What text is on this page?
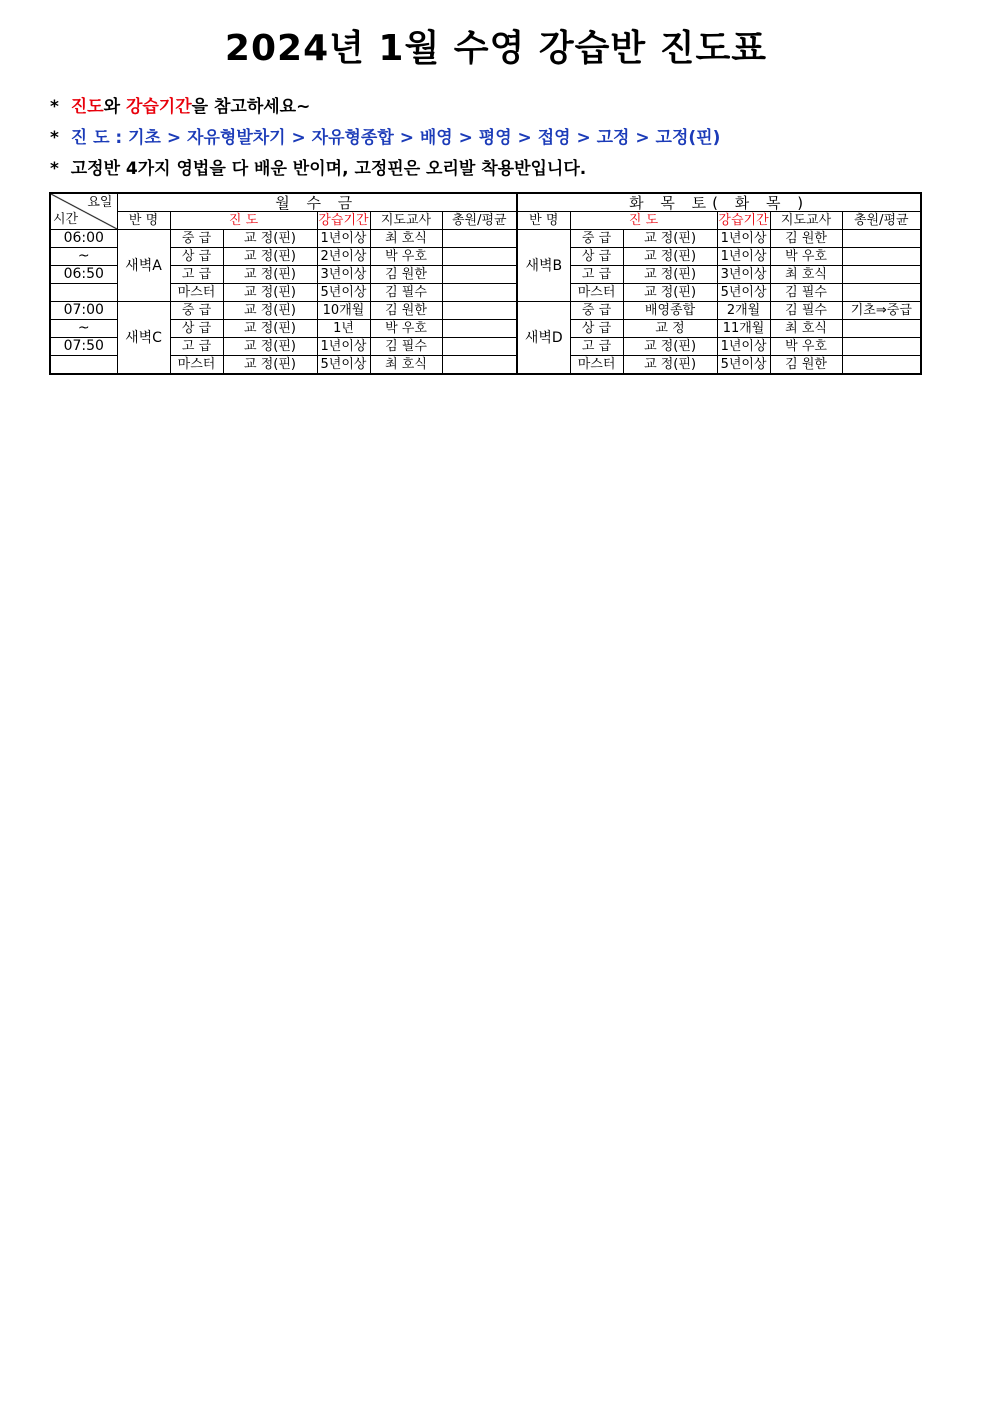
2024년 1월 수영 강습반 진도표
* 진도와 강습기간을 참고하세요~
* 진 도 : 기초 > 자유형발차기 > 자유형종합 > 배영 > 평영 > 접영 > 고정 > 고정(핀)
* 고정반 4가지 영법을 다 배운 반이며, 고정핀은 오리발 착용반입니다.
요일
시간	월 수 금						화 목 토( 화 목 )					
	반 명	진 도		강습기간	지도교사	총원/평균	반 명	진 도		강습기간	지도교사	총원/평균
06:00	새벽A	중 급	교 정(핀)	1년이상	최 호식		새벽B	중 급	교 정(핀)	1년이상	김 원한	
~		상 급	교 정(핀)	2년이상	박 우호			상 급	교 정(핀)	1년이상	박 우호	
06:50		고 급	교 정(핀)	3년이상	김 원한			고 급	교 정(핀)	3년이상	최 호식	
		마스터	교 정(핀)	5년이상	김 필수			마스터	교 정(핀)	5년이상	김 필수	
07:00	새벽C	중 급	교 정(핀)	10개월	김 원한		새벽D	중 급	배영종합	2개월	김 필수	기초⇒중급
~		상 급	교 정(핀)	1년	박 우호			상 급	교 정	11개월	최 호식	
07:50		고 급	교 정(핀)	1년이상	김 필수			고 급	교 정(핀)	1년이상	박 우호	
		마스터	교 정(핀)	5년이상	최 호식			마스터	교 정(핀)	5년이상	김 원한	
